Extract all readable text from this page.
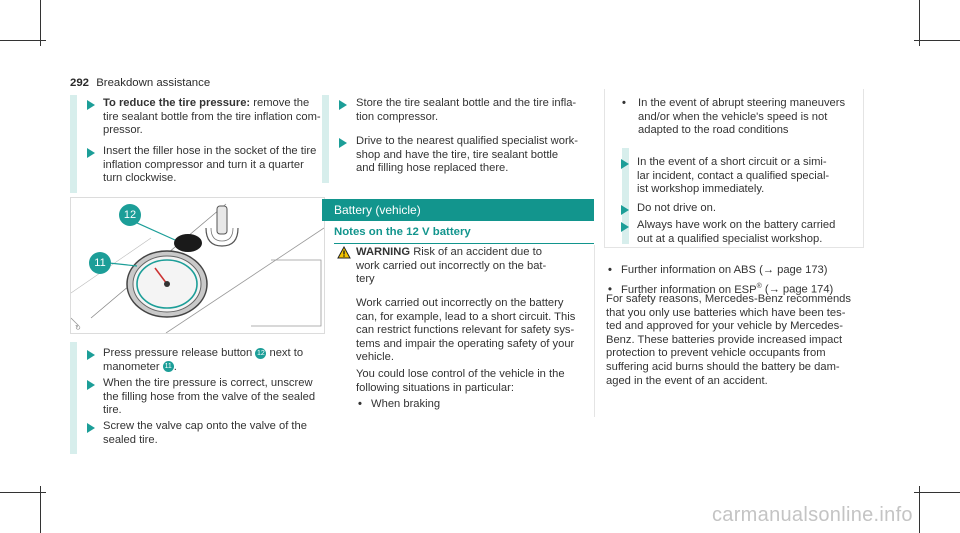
292 Breakdown assistance
To reduce the tire pressure: remove the
tire sealant bottle from the tire inflation com-
pressor.
Insert the filler hose in the socket of the tire
inflation compressor and turn it a quarter
turn clockwise.
↻
12
11
Press pressure release button 12 next to
manometer 11 .
When the tire pressure is correct, unscrew
the filling hose from the valve of the sealed
tire.
Screw the valve cap onto the valve of the
sealed tire.
Store the tire sealant bottle and the tire infla-
tion compressor.
Drive to the nearest qualified specialist work-
shop and have the tire, tire sealant bottle
and filling hose replaced there.
Battery (vehicle)
Notes on the 12 V battery
WARNING Risk of an accident due to
work carried out incorrectly on the bat-
tery
Work carried out incorrectly on the battery
can, for example, lead to a short circuit. This
can restrict functions relevant for safety sys-
tems and impair the operating safety of your
vehicle.
You could lose control of the vehicle in the
following situations in particular:
• When braking
• In the event of abrupt steering maneuvers
and/or when the vehicle's speed is not
adapted to the road conditions
In the event of a short circuit or a simi-
lar incident, contact a qualified special-
ist workshop immediately.
Do not drive on.
Always have work on the battery carried
out at a qualified specialist workshop.
• Further information on ABS (→ page 173)
• Further information on ESP® (→ page 174)
For safety reasons, Mercedes-Benz recommends
that you only use batteries which have been tes-
ted and approved for your vehicle by Mercedes-
Benz. These batteries provide increased impact
protection to prevent vehicle occupants from
suffering acid burns should the battery be dam-
aged in the event of an accident.
carmanualsonline.info
